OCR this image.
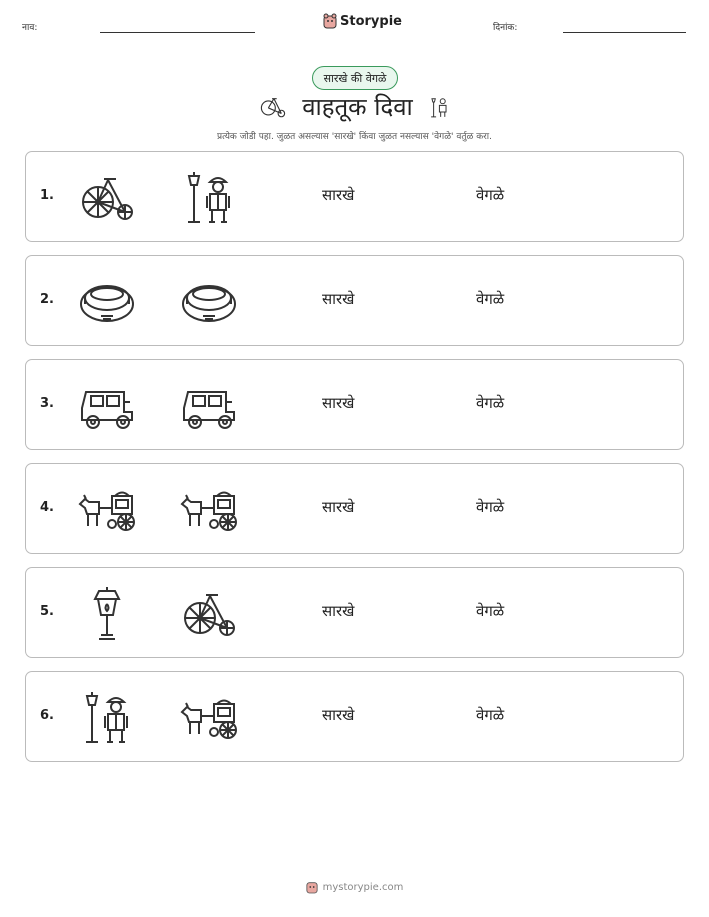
नाव:	Storypie	दिनांक:
सारखे की वेगळे
वाहतूक दिवा
प्रत्येक जोडी पहा. जुळत असल्यास 'सारखे' किंवा जुळत नसल्यास 'वेगळे' वर्तुळ करा.
1.	सारखे	वेगळे
2.	सारखे	वेगळे
3.	सारखे	वेगळे
4.	सारखे	वेगळे
5.	सारखे	वेगळे
6.	सारखे	वेगळे
mystorypie.com
